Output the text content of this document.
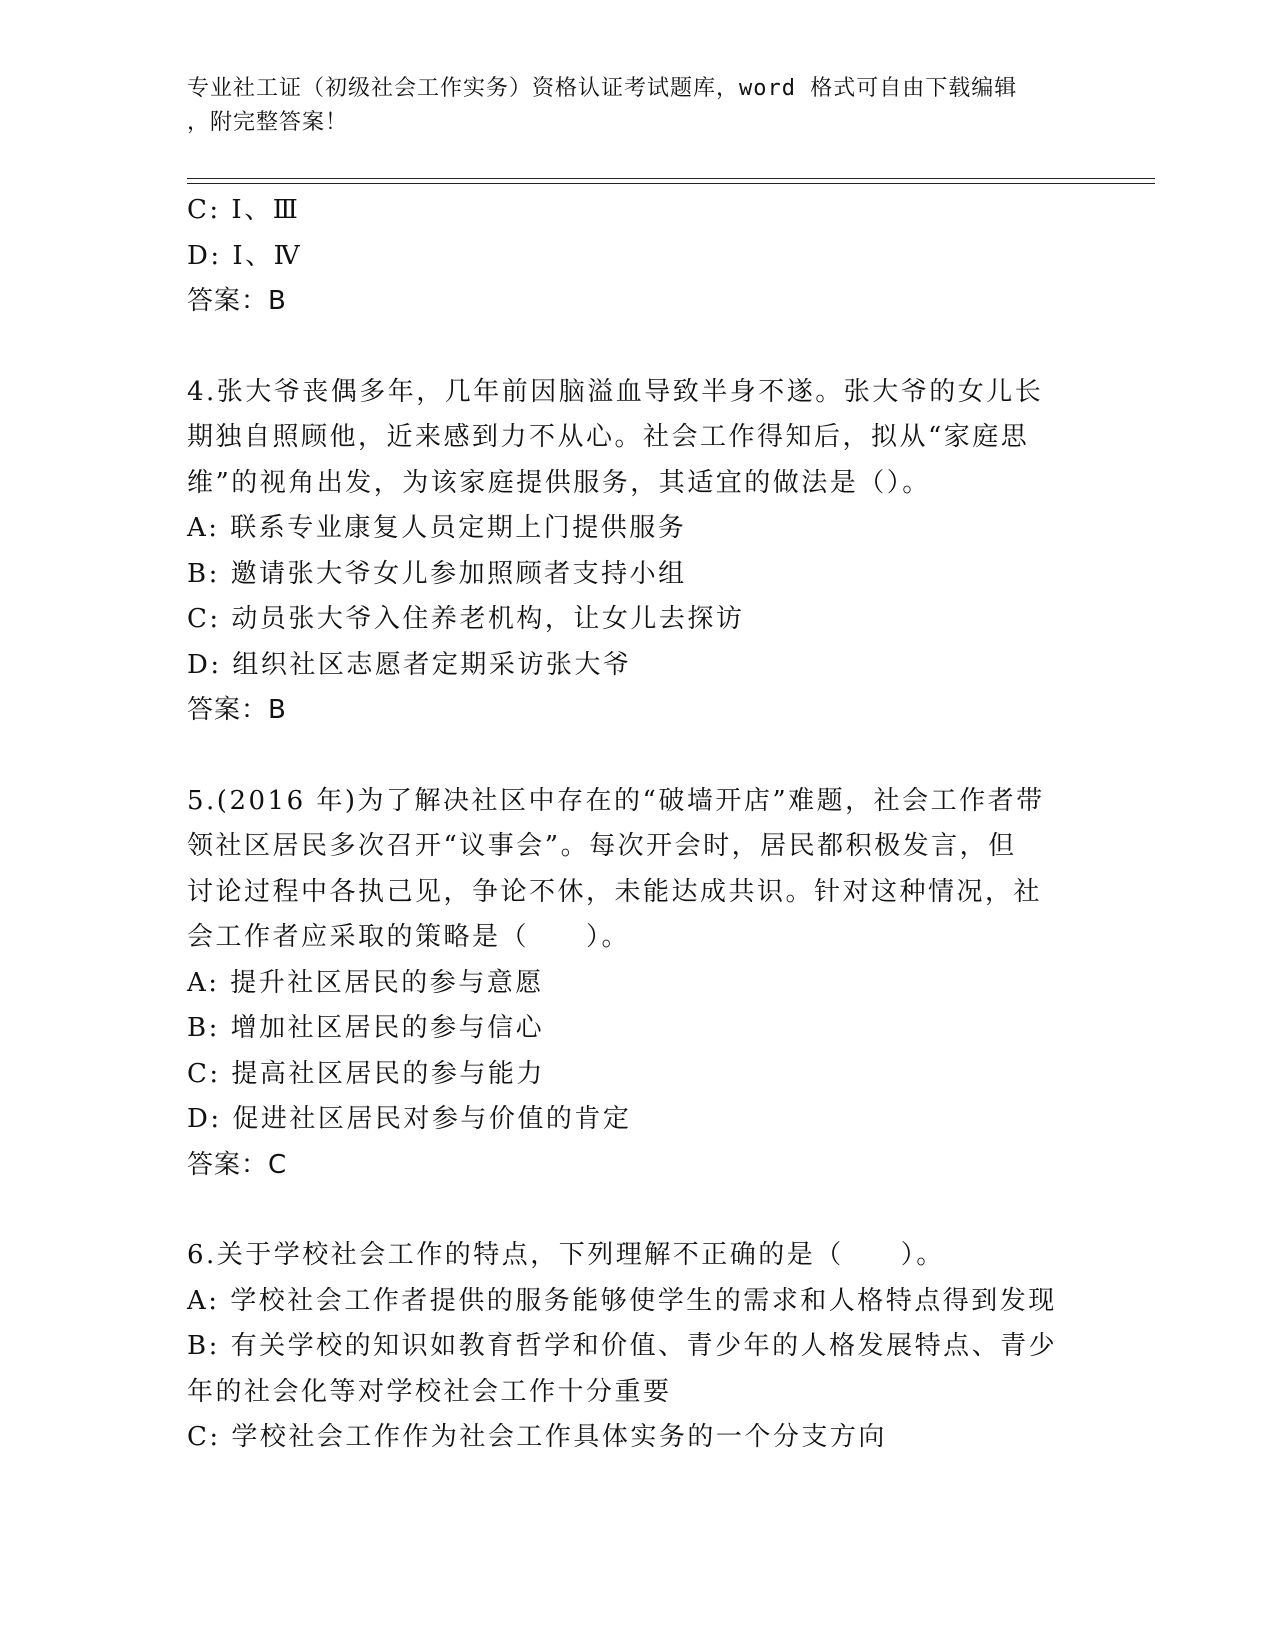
专业社工证（初级社会工作实务）资格认证考试题库，word 格式可自由下载编辑
，附完整答案！
C: Ⅰ、Ⅲ
D: Ⅰ、Ⅳ
答案：B
4.张大爷丧偶多年，几年前因脑溢血导致半身不遂。张大爷的女儿长
期独自照顾他，近来感到力不从心。社会工作得知后，拟从“家庭思
维”的视角出发，为该家庭提供服务，其适宜的做法是（）。
A: 联系专业康复人员定期上门提供服务
B: 邀请张大爷女儿参加照顾者支持小组
C: 动员张大爷入住养老机构，让女儿去探访
D: 组织社区志愿者定期采访张大爷
答案：B
5.(2016 年)为了解决社区中存在的“破墙开店”难题，社会工作者带
领社区居民多次召开“议事会”。每次开会时，居民都积极发言，但
讨论过程中各执己见，争论不休，未能达成共识。针对这种情况，社
会工作者应采取的策略是（　　）。
A: 提升社区居民的参与意愿
B: 增加社区居民的参与信心
C: 提高社区居民的参与能力
D: 促进社区居民对参与价值的肯定
答案：C
6.关于学校社会工作的特点，下列理解不正确的是（　　）。
A: 学校社会工作者提供的服务能够使学生的需求和人格特点得到发现
B: 有关学校的知识如教育哲学和价值、青少年的人格发展特点、青少
年的社会化等对学校社会工作十分重要
C: 学校社会工作作为社会工作具体实务的一个分支方向
